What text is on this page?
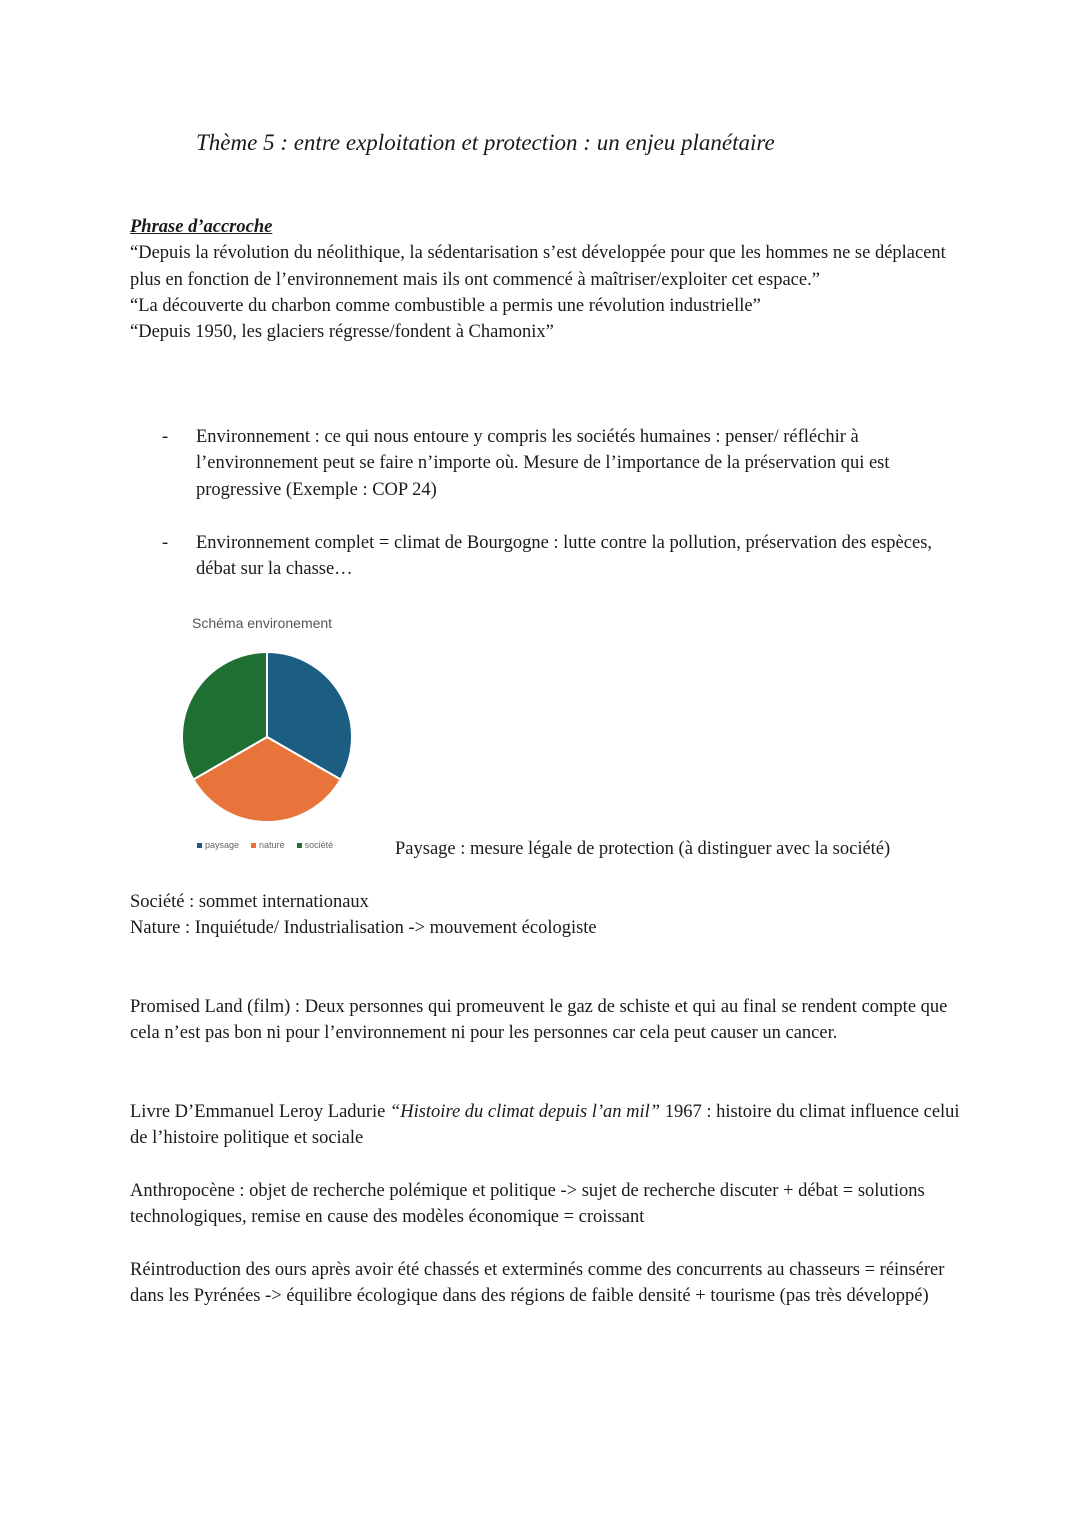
Thème 5 : entre exploitation et protection : un enjeu planétaire

Phrase d’accroche

“Depuis la révolution du néolithique, la sédentarisation s’est développée pour que les hommes ne se déplacent plus en fonction de l’environnement mais ils ont commencé à maîtriser/exploiter cet espace.”

“La découverte du charbon comme combustible a permis une révolution industrielle”

“Depuis 1950, les glaciers régresse/fondent à Chamonix”

- Environnement : ce qui nous entoure y compris les sociétés humaines : penser/ réfléchir à l’environnement peut se faire n’importe où. Mesure de l’importance de la préservation qui est progressive (Exemple : COP 24)
- Environnement complet = climat de Bourgogne : lutte contre la pollution, préservation des espèces, débat sur la chasse…
Schéma environement
paysage nature société	Paysage : mesure légale de protection (à distinguer avec la société)

Société : sommet internationaux

Nature : Inquiétude/ Industrialisation -> mouvement écologiste

Promised Land (film) : Deux personnes qui promeuvent le gaz de schiste et qui au final se rendent compte que cela n’est pas bon ni pour l’environnement ni pour les personnes car cela peut causer un cancer.

Livre D’Emmanuel Leroy Ladurie “Histoire du climat depuis l’an mil” 1967 : histoire du climat influence celui de l’histoire politique et sociale

Anthropocène : objet de recherche polémique et politique -> sujet de recherche discuter + débat = solutions technologiques, remise en cause des modèles économique = croissant

Réintroduction des ours après avoir été chassés et exterminés comme des concurrents au chasseurs = réinsérer dans les Pyrénées -> équilibre écologique dans des régions de faible densité + tourisme (pas très développé)
